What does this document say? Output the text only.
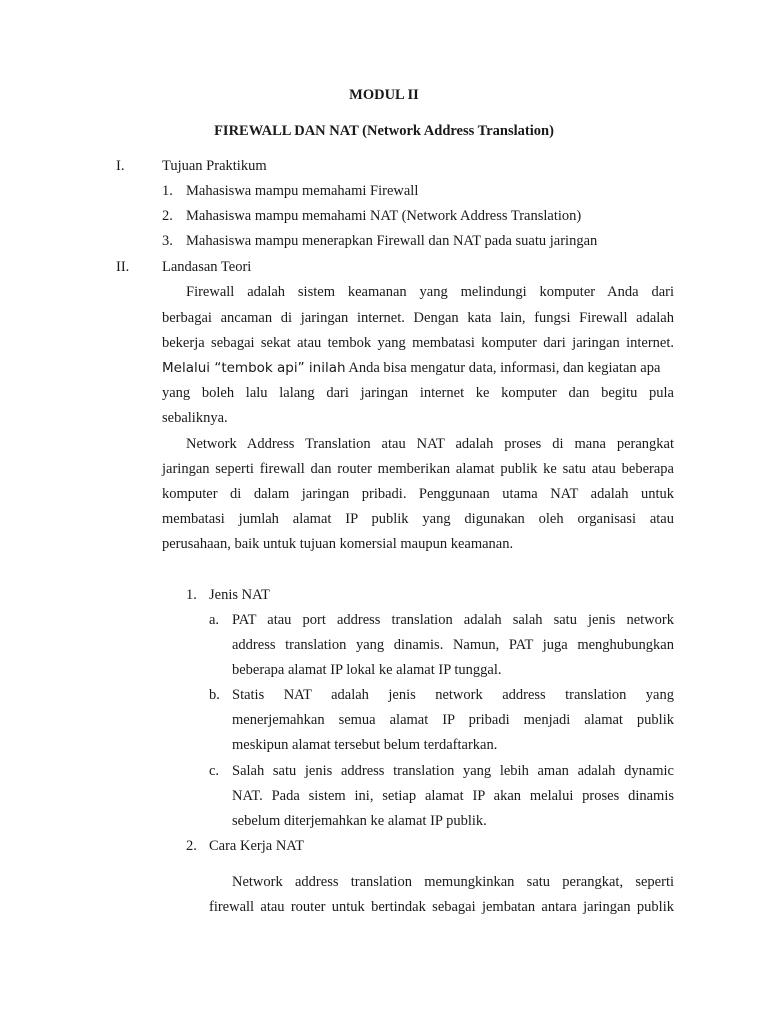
MODUL II
FIREWALL DAN NAT (Network Address Translation)
I.	Tujuan Praktikum
1. Mahasiswa mampu memahami Firewall
2. Mahasiswa mampu memahami NAT (Network Address Translation)
3. Mahasiswa mampu menerapkan Firewall dan NAT pada suatu jaringan
II. Landasan Teori
Firewall adalah sistem keamanan yang melindungi komputer Anda dari
berbagai ancaman di jaringan internet. Dengan kata lain, fungsi Firewall adalah
bekerja sebagai sekat atau tembok yang membatasi komputer dari jaringan internet.
Melalui “tembok api” inilah Anda bisa mengatur data, informasi, dan kegiatan apa
yang boleh lalu lalang dari jaringan internet ke komputer dan begitu pula
sebaliknya.
Network Address Translation atau NAT adalah proses di mana perangkat
jaringan seperti firewall dan router memberikan alamat publik ke satu atau beberapa
komputer di dalam jaringan pribadi. Penggunaan utama NAT adalah untuk
membatasi jumlah alamat IP publik yang digunakan oleh organisasi atau
perusahaan, baik untuk tujuan komersial maupun keamanan.
1. Jenis NAT
a. PAT atau port address translation adalah salah satu jenis network
address translation yang dinamis. Namun, PAT juga menghubungkan
beberapa alamat IP lokal ke alamat IP tunggal.
b. Statis NAT adalah jenis network address translation yang
menerjemahkan semua alamat IP pribadi menjadi alamat publik
meskipun alamat tersebut belum terdaftarkan.
c. Salah satu jenis address translation yang lebih aman adalah dynamic
NAT. Pada sistem ini, setiap alamat IP akan melalui proses dinamis
sebelum diterjemahkan ke alamat IP publik.
2. Cara Kerja NAT
Network address translation memungkinkan satu perangkat, seperti
firewall atau router untuk bertindak sebagai jembatan antara jaringan publik
